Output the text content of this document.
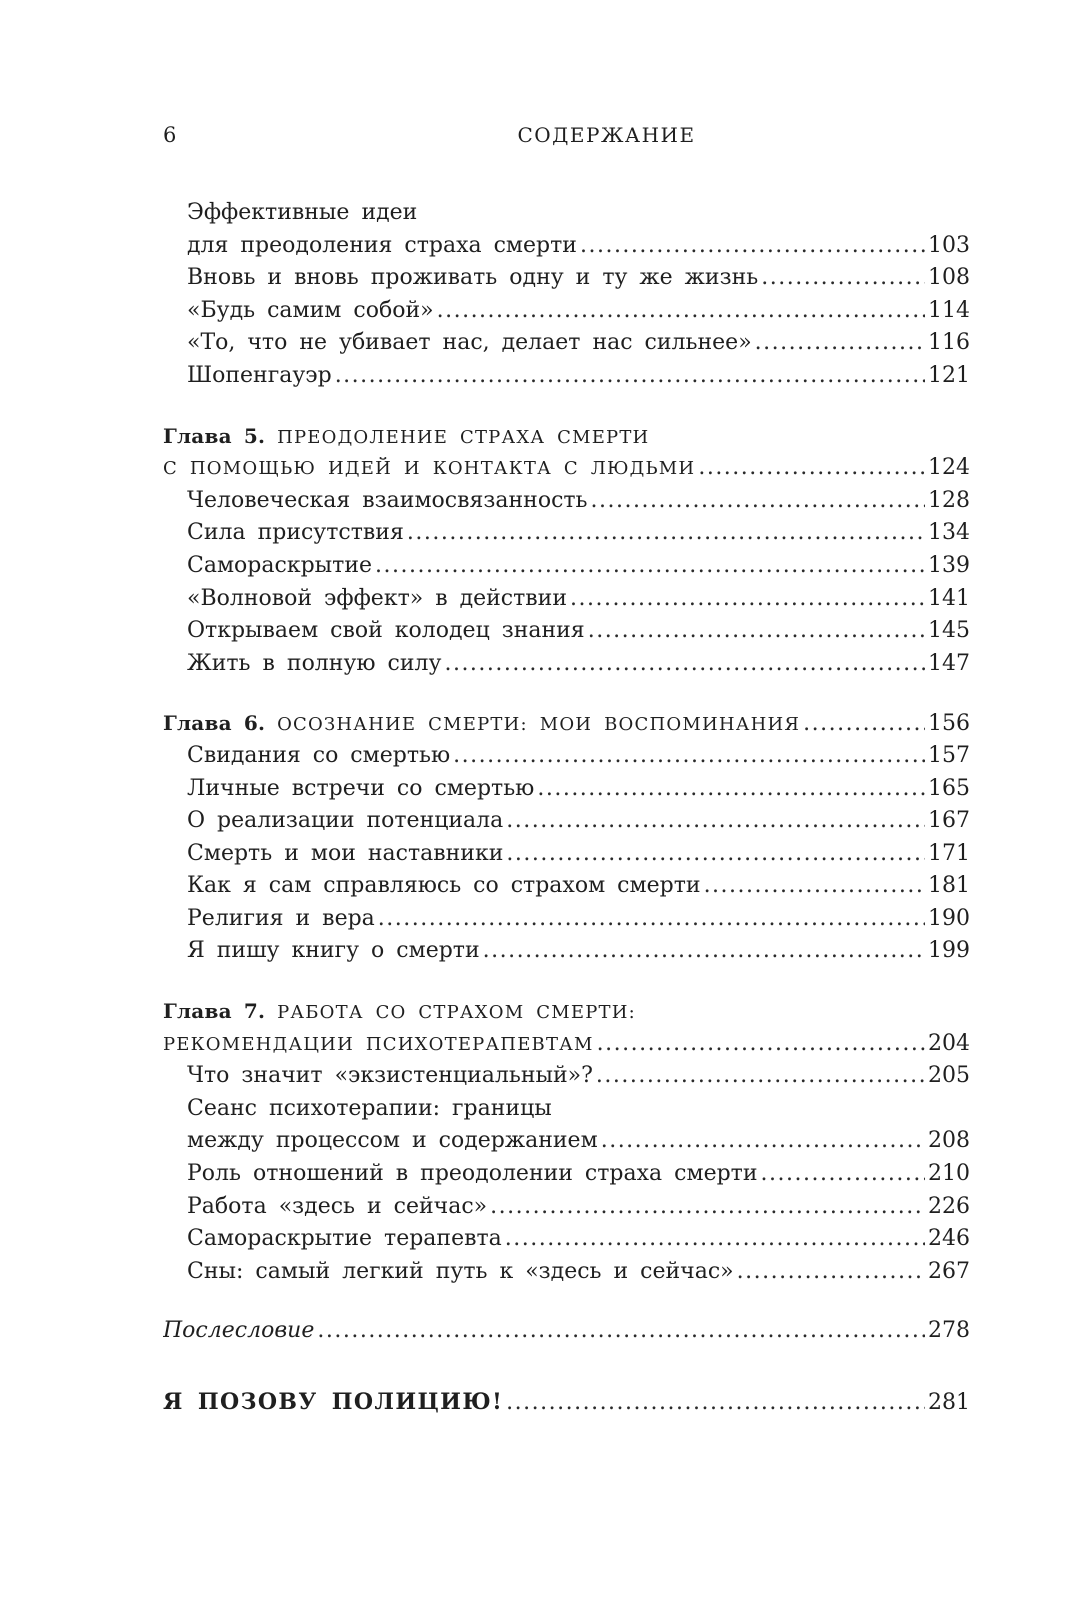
6	СОДЕРЖАНИЕ
Эффективные идеи
для преодоления страха смерти .....	103
Вновь и вновь проживать одну и ту же жизнь .....	108
«Будь самим собой» .....	114
«То, что не убивает нас, делает нас сильнее» .....	116
Шопенгауэр .....	121
Глава 5. ПРЕОДОЛЕНИЕ СТРАХА СМЕРТИ
С ПОМОЩЬЮ ИДЕЙ И КОНТАКТА С ЛЮДЬМИ .....	124
Человеческая взаимосвязанность .....	128
Сила присутствия .....	134
Самораскрытие .....	139
«Волновой эффект» в действии .....	141
Открываем свой колодец знания .....	145
Жить в полную силу .....	147
Глава 6. ОСОЗНАНИЕ СМЕРТИ: МОИ ВОСПОМИНАНИЯ .....	156
Свидания со смертью .....	157
Личные встречи со смертью .....	165
О реализации потенциала .....	167
Смерть и мои наставники .....	171
Как я сам справляюсь со страхом смерти .....	181
Религия и вера .....	190
Я пишу книгу о смерти .....	199
Глава 7. РАБОТА СО СТРАХОМ СМЕРТИ:
РЕКОМЕНДАЦИИ ПСИХОТЕРАПЕВТАМ .....	204
Что значит «экзистенциальный»? .....	205
Сеанс психотерапии: границы
между процессом и содержанием .....	208
Роль отношений в преодолении страха смерти .....	210
Работа «здесь и сейчас» .....	226
Самораскрытие терапевта .....	246
Сны: самый легкий путь к «здесь и сейчас» .....	267
Послесловие .....	278
Я ПОЗОВУ ПОЛИЦИЮ! .....	281
